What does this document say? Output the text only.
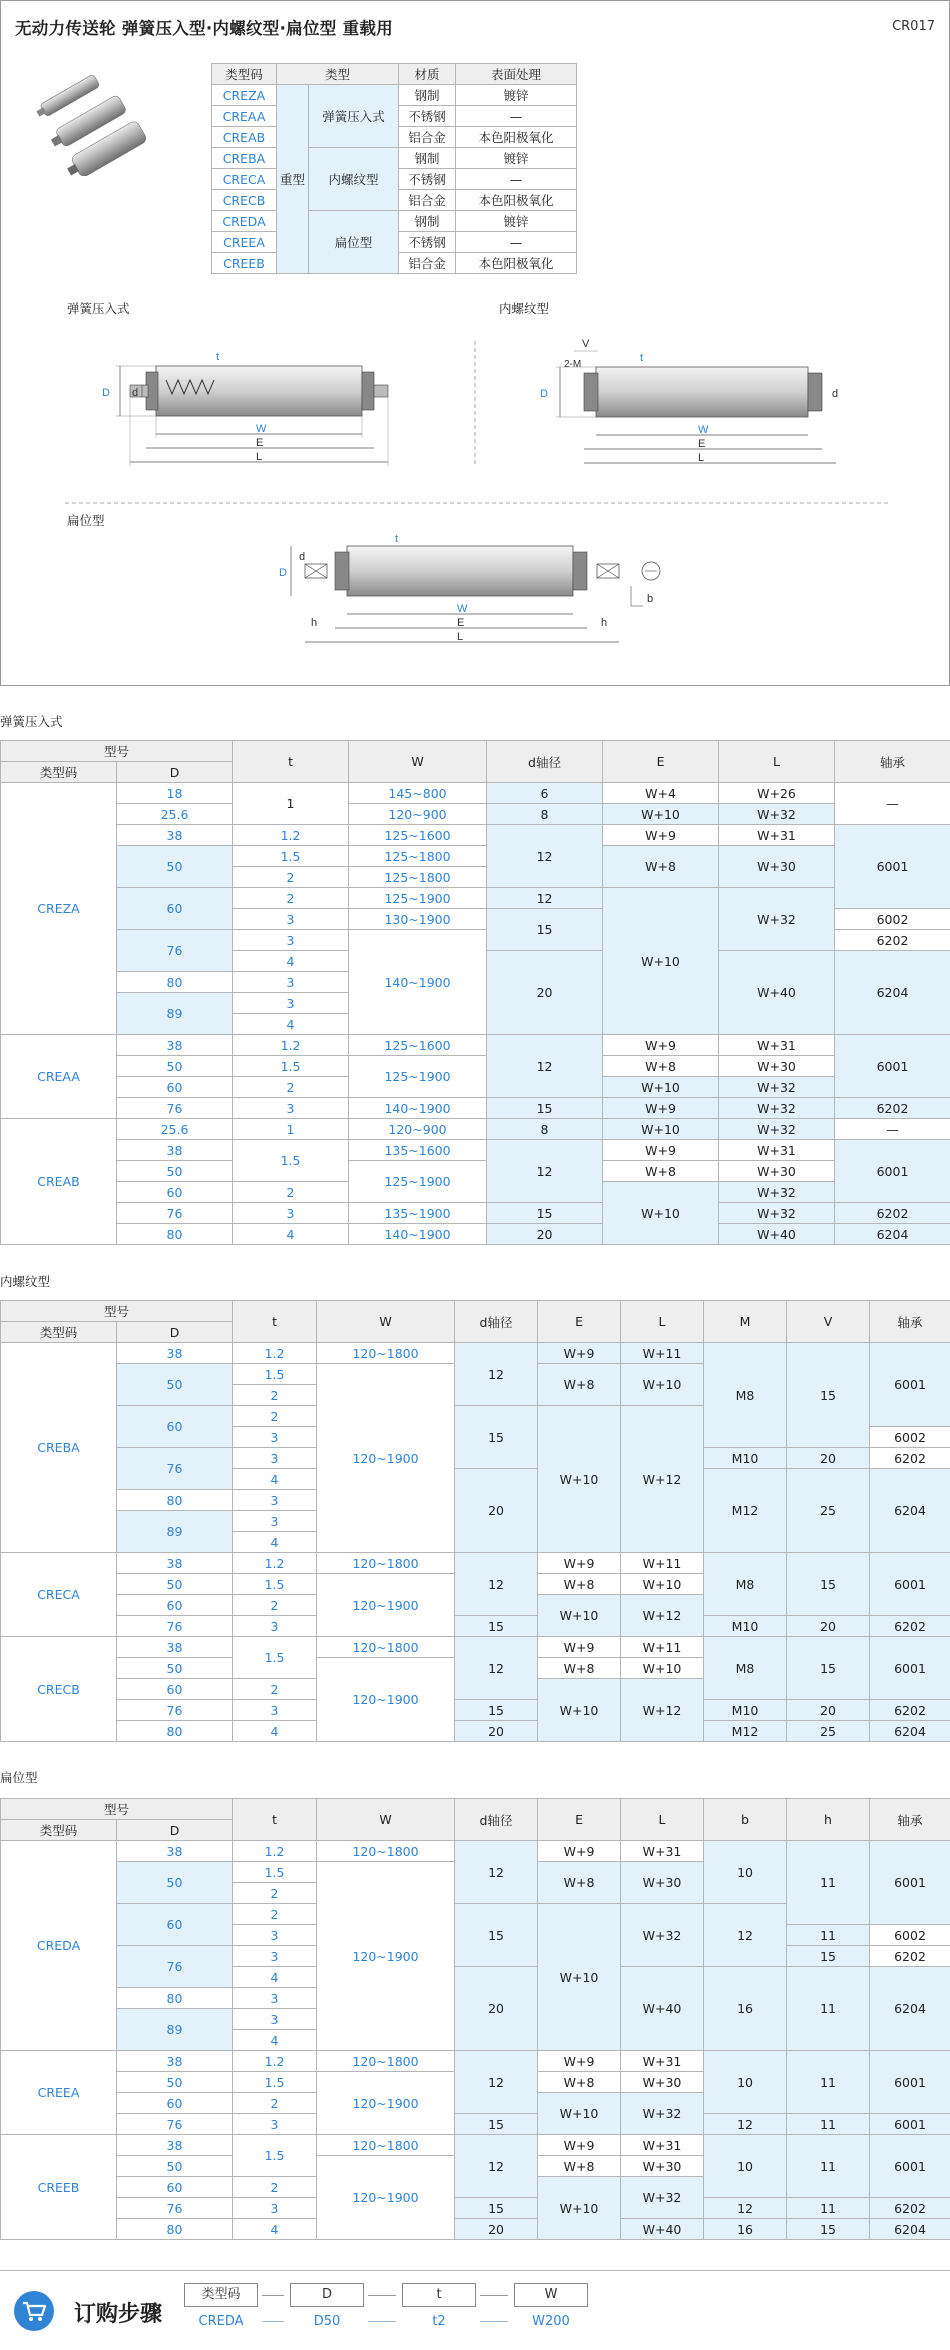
无动力传送轮 弹簧压入型·内螺纹型·扁位型 重载用	CR017
类型码	类型		材质	表面处理
CREZA	重型	弹簧压入式	钢制	镀锌
CREAA			不锈钢	—
CREAB			铝合金	本色阳极氧化
CREBA		内螺纹型	钢制	镀锌
CRECA			不锈钢	—
CRECB			铝合金	本色阳极氧化
CREDA		扁位型	钢制	镀锌
CREEA			不锈钢	—
CREEB			铝合金	本色阳极氧化
弹簧压入式	内螺纹型
扁位型
D d
t
W
E
L
D
2-M
V
t
d
W
E
L
D
d
t
h
W
E
L
b
h
弹簧压入式
型号		t	W	d轴径	E	L	轴承
类型码	D						
CREZA	18	1	145~800	6	W+4	W+26	—
	25.6		120~900	8	W+10	W+32	
	38	1.2	125~1600	12	W+9	W+31	6001
	50	1.5	125~1800		W+8	W+30	
		2	125~1800				
	60	2	125~1900	12	W+10	W+32	
		3	130~1900	15			6002
	76	3	140~1900				6202
		4		20		W+40	6204
	80	3					
	89	3					
		4					
CREAA	38	1.2	125~1600	12	W+9	W+31	6001
	50	1.5	125~1900		W+8	W+30	
	60	2			W+10	W+32	
	76	3	140~1900	15	W+9	W+32	6202
CREAB	25.6	1	120~900	8	W+10	W+32	—
	38	1.5	135~1600	12	W+9	W+31	6001
	50		125~1900		W+8	W+30	
	60	2			W+10	W+32	
	76	3	135~1900	15		W+32	6202
	80	4	140~1900	20		W+40	6204
内螺纹型
型号		t	W	d轴径	E	L	M	V	轴承
类型码	D								
CREBA	38	1.2	120~1800	12	W+9	W+11	M8	15	6001
	50	1.5	120~1900		W+8	W+10			
		2							
	60	2		15	W+10	W+12			
		3							6002
	76	3					M10	20	6202
		4		20			M12	25	6204
	80	3							
	89	3							
		4							
CRECA	38	1.2	120~1800	12	W+9	W+11	M8	15	6001
	50	1.5	120~1900		W+8	W+10			
	60	2			W+10	W+12			
	76	3		15			M10	20	6202
CRECB	38	1.5	120~1800	12	W+9	W+11	M8	15	6001
	50		120~1900		W+8	W+10			
	60	2			W+10	W+12			
	76	3		15			M10	20	6202
	80	4		20			M12	25	6204
扁位型
型号		t	W	d轴径	E	L	b	h	轴承
类型码	D								
CREDA	38	1.2	120~1800	12	W+9	W+31	10	11	6001
	50	1.5	120~1900		W+8	W+30			
		2							
	60	2		15	W+10	W+32	12		
		3						11	6002
	76	3						15	6202
		4		20		W+40	16	11	6204
	80	3							
	89	3							
		4							
CREEA	38	1.2	120~1800	12	W+9	W+31	10	11	6001
	50	1.5	120~1900		W+8	W+30			
	60	2			W+10	W+32			
	76	3		15			12	11	6001
CREEB	38	1.5	120~1800	12	W+9	W+31	10	11	6001
	50		120~1900		W+8	W+30			
	60	2			W+10	W+32			
	76	3		15			12	11	6202
	80	4		20		W+40	16	15	6204
订购步骤
类型码	D	t	W
CREDA	D50	t2	W200
